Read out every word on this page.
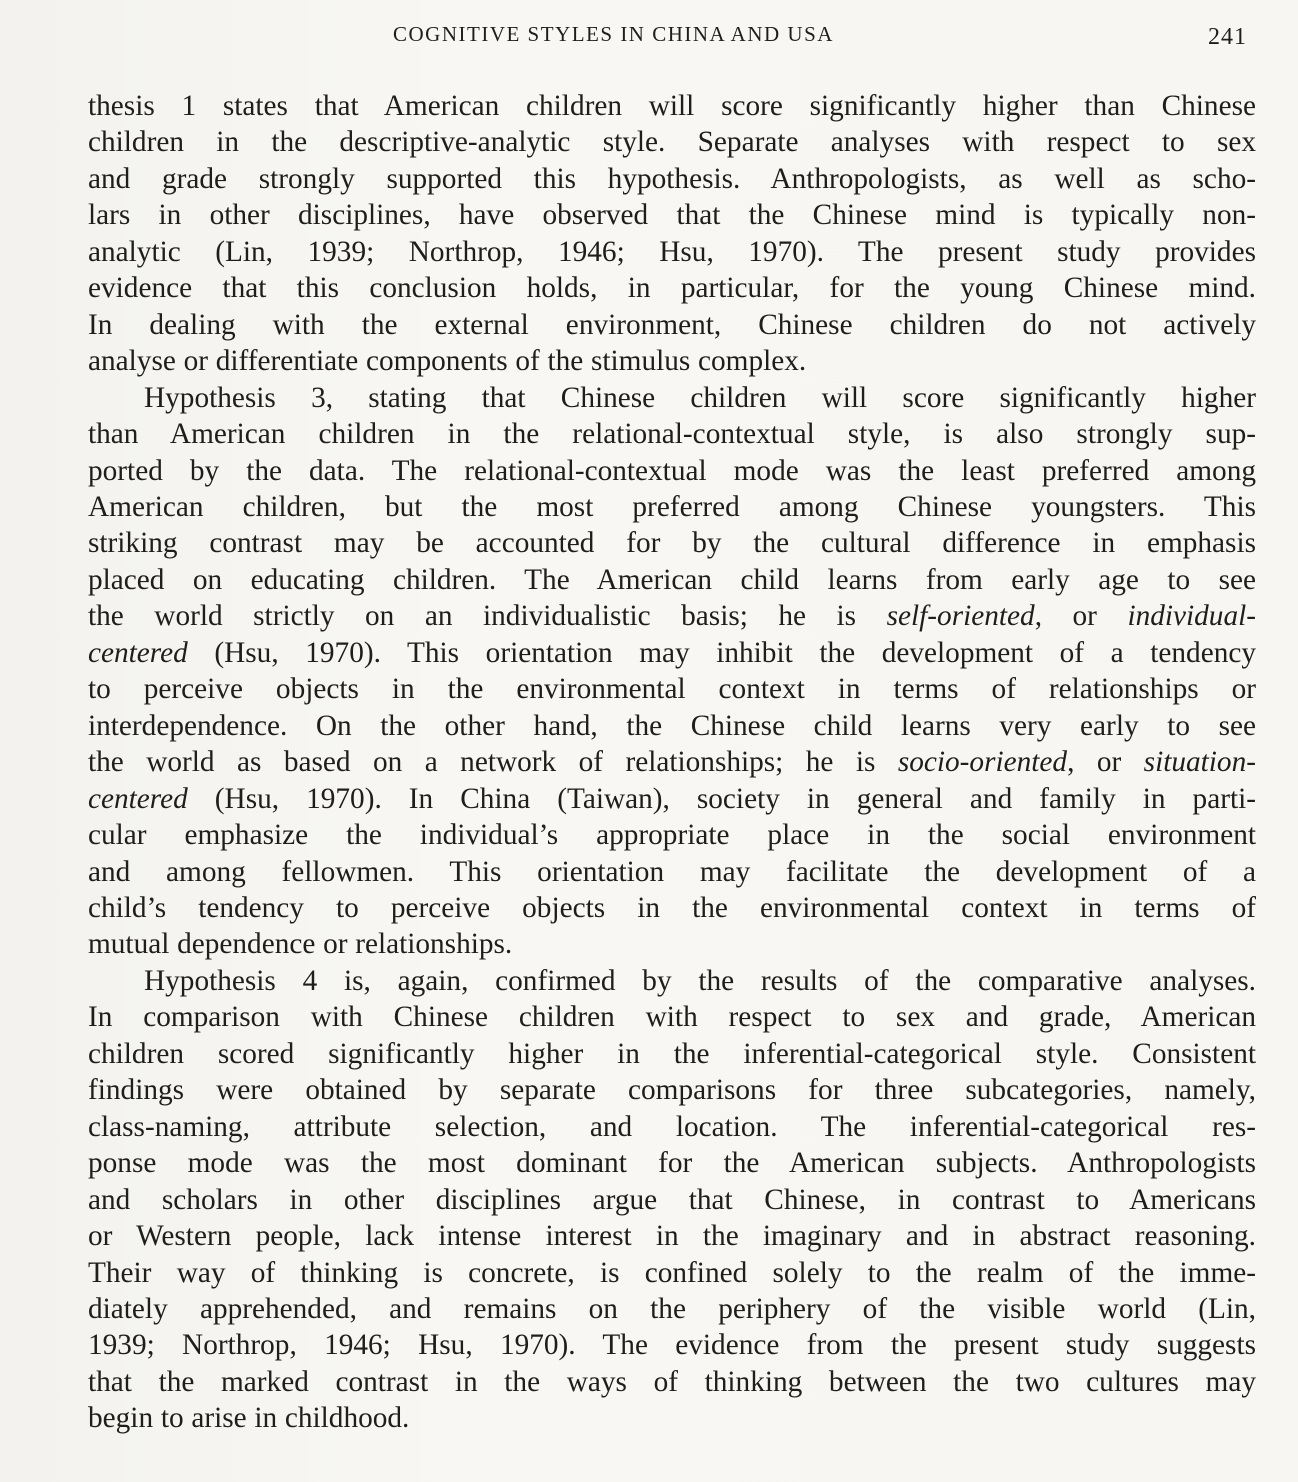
COGNITIVE STYLES IN CHINA AND USA	241
thesis 1 states that American children will score significantly higher than Chinese
children in the descriptive-analytic style. Separate analyses with respect to sex
and grade strongly supported this hypothesis. Anthropologists, as well as scho-
lars in other disciplines, have observed that the Chinese mind is typically non-
analytic (Lin, 1939; Northrop, 1946; Hsu, 1970). The present study provides
evidence that this conclusion holds, in particular, for the young Chinese mind.
In dealing with the external environment, Chinese children do not actively
analyse or differentiate components of the stimulus complex.
Hypothesis 3, stating that Chinese children will score significantly higher
than American children in the relational-contextual style, is also strongly sup-
ported by the data. The relational-contextual mode was the least preferred among
American children, but the most preferred among Chinese youngsters. This
striking contrast may be accounted for by the cultural difference in emphasis
placed on educating children. The American child learns from early age to see
the world strictly on an individualistic basis; he is self-oriented, or individual-
centered (Hsu, 1970). This orientation may inhibit the development of a tendency
to perceive objects in the environmental context in terms of relationships or
interdependence. On the other hand, the Chinese child learns very early to see
the world as based on a network of relationships; he is socio-oriented, or situation-
centered (Hsu, 1970). In China (Taiwan), society in general and family in parti-
cular emphasize the individual’s appropriate place in the social environment
and among fellowmen. This orientation may facilitate the development of a
child’s tendency to perceive objects in the environmental context in terms of
mutual dependence or relationships.
Hypothesis 4 is, again, confirmed by the results of the comparative analyses.
In comparison with Chinese children with respect to sex and grade, American
children scored significantly higher in the inferential-categorical style. Consistent
findings were obtained by separate comparisons for three subcategories, namely,
class-naming, attribute selection, and location. The inferential-categorical res-
ponse mode was the most dominant for the American subjects. Anthropologists
and scholars in other disciplines argue that Chinese, in contrast to Americans
or Western people, lack intense interest in the imaginary and in abstract reasoning.
Their way of thinking is concrete, is confined solely to the realm of the imme-
diately apprehended, and remains on the periphery of the visible world (Lin,
1939; Northrop, 1946; Hsu, 1970). The evidence from the present study suggests
that the marked contrast in the ways of thinking between the two cultures may
begin to arise in childhood.
